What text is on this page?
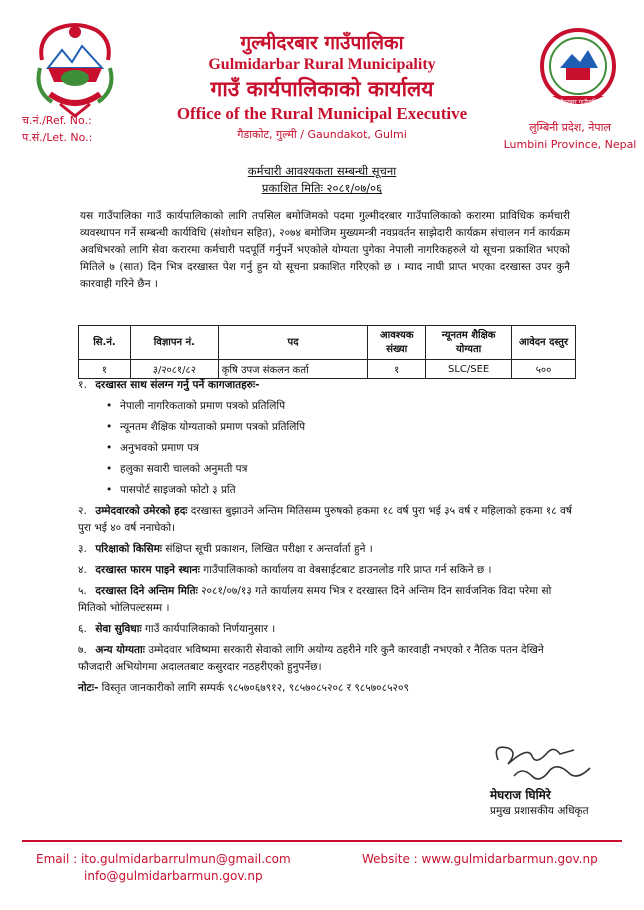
गुल्मीदरबार गाउँपालिका
गुल्मीदरबार गाउँपालिका
Gulmidarbar Rural Municipality
गाउँ कार्यपालिकाको कार्यालय
Office of the Rural Municipal Executive
गैडाकोट, गुल्मी / Gaundakot, Gulmi
च.नं./Ref. No.:
प.सं./Let. No.:
लुम्बिनी प्रदेश, नेपाल
Lumbini Province, Nepal
कर्मचारी आवश्यकता सम्बन्धी सूचना
प्रकाशित मितिः २०८१/०७/०६

यस गाउँपालिका गाउँ कार्यपालिकाको लागि तपसिल बमोजिमको पदमा गुल्मीदरबार गाउँपालिकाको करारमा प्राविधिक कर्मचारी व्यवस्थापन गर्ने सम्बन्धी कार्यविधि (संशोधन सहित), २०७४ बमोजिम मुख्यमन्त्री नवप्रवर्तन साझेदारी कार्यक्रम संचालन गर्न कार्यक्रम अवधिभरको लागि सेवा करारमा कर्मचारी पदपूर्ति गर्नुपर्ने भएकोले योग्यता पुगेका नेपाली नागरिकहरुले यो सूचना प्रकाशित भएको मितिले ७ (सात) दिन भित्र दरखास्त पेश गर्नु हुन यो सूचना प्रकाशित गरिएको छ । म्याद नाघी प्राप्त भएका दरखास्त उपर कुनै कारवाही गरिने छैन ।

सि.नं.	विज्ञापन नं.	पद	आवश्यक संख्या	न्यूनतम शैक्षिक योग्यता	आवेदन दस्तुर
१	३/२०८१/८२	कृषि उपज संकलन कर्ता	१	SLC/SEE	५००
१. दरखास्त साथ संलग्न गर्नु पर्ने कागजातहरुः-
• नेपाली नागरिकताको प्रमाण पत्रको प्रतिलिपि
• न्यूनतम शैक्षिक योग्यताको प्रमाण पत्रको प्रतिलिपि
• अनुभवको प्रमाण पत्र
• हलुका सवारी चालको अनुमती पत्र
• पासपोर्ट साइजको फोटो ३ प्रति
२. उम्मेदवारको उमेरको हदः दरखास्त बुझाउने अन्तिम मितिसम्म पुरुषको हकमा १८ वर्ष पुरा भई ३५ वर्ष र महिलाको हकमा १८ वर्ष पुरा भई ४० वर्ष ननाघेको।
३. परिक्षाको किसिमः संक्षिप्त सूची प्रकाशन, लिखित परीक्षा र अन्तर्वार्ता हुने ।
४. दरखास्त फारम पाइने स्थानः गाउँपालिकाको कार्यालय वा वेबसाईटबाट डाउनलोड गरि प्राप्त गर्न सकिने छ ।
५. दरखास्त दिने अन्तिम मितिः २०८१/०७/१३ गते कार्यालय समय भित्र र दरखास्त दिने अन्तिम दिन सार्वजनिक विदा परेमा सो मितिको भोलिपल्टसम्म ।
६. सेवा सुविधाः गाउँ कार्यपालिकाको निर्णयानुसार ।
७. अन्य योग्यताः उम्मेदवार भविष्यमा सरकारी सेवाको लागि अयोग्य ठहरीने गरि कुनै कारवाही नभएको र नैतिक पतन देखिने फौजदारी अभियोगमा अदालतबाट कसुरदार नठहरीएको हुनुपर्नेछ।
नोटः- विस्तृत जानकारीको लागि सम्पर्क ९८५७०६७९१२, ९८५७०८५२०८ र ९८५७०८५२०९
मेघराज घिमिरे
प्रमुख प्रशासकीय अधिकृत
Email : ito.gulmidarbarrulmun@gmail.com
info@gulmidarbarmun.gov.np
Website : www.gulmidarbarmun.gov.np
